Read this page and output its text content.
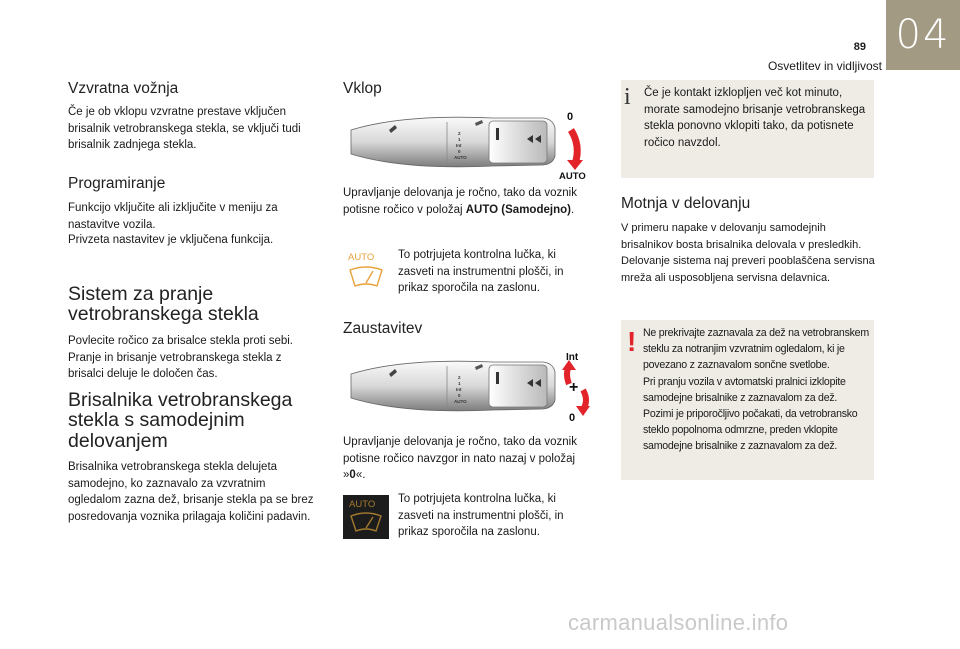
89
Osvetlitev in vidljivost
04
Vzvratna vožnja

Če je ob vklopu vzvratne prestave vključen brisalnik vetrobranskega stekla, se vključi tudi brisalnik zadnjega stekla.

Programiranje

Funkcijo vključite ali izključite v meniju za nastavitve vozila.

Privzeta nastavitev je vključena funkcija.

Sistem za pranje
vetrobranskega stekla

Povlecite ročico za brisalce stekla proti sebi. Pranje in brisanje vetrobranskega stekla z brisalci deluje le določen čas.

Brisalnika vetrobranskega
stekla s samodejnim
delovanjem

Brisalnika vetrobranskega stekla delujeta samodejno, ko zaznavalo za vzvratnim ogledalom zazna dež, brisanje stekla pa se brez posredovanja voznika prilagaja količini padavin.

Vklop
2
1
Int
0
AUTO
0
AUTO

Upravljanje delovanja je ročno, tako da voznik potisne ročico v položaj AUTO (Samodejno).

AUTO To potrjujeta kontrolna lučka, ki zasveti na instrumentni plošči, in prikaz sporočila na zaslonu.

Zaustavitev
2
1
Int
0
AUTO
Int
+
0

Upravljanje delovanja je ročno, tako da voznik potisne ročico navzgor in nato nazaj v položaj »0«.

AUTO To potrjujeta kontrolna lučka, ki zasveti na instrumentni plošči, in prikaz sporočila na zaslonu.

i Če je kontakt izklopljen več kot minuto, morate samodejno brisanje vetrobranskega stekla ponovno vklopiti tako, da potisnete ročico navzdol.

Motnja v delovanju

V primeru napake v delovanju samodejnih brisalnikov bosta brisalnika delovala v presledkih. Delovanje sistema naj preveri pooblaščena servisna mreža ali usposobljena servisna delavnica.

! Ne prekrivajte zaznavala za dež na vetrobranskem steklu za notranjim vzvratnim ogledalom, ki je povezano z zaznavalom sončne svetlobe.

Pri pranju vozila v avtomatski pralnici izklopite samodejne brisalnike z zaznavalom za dež.

Pozimi je priporočljivo počakati, da vetrobransko steklo popolnoma odmrzne, preden vklopite samodejne brisalnike z zaznavalom za dež.

carmanualsonline.info
